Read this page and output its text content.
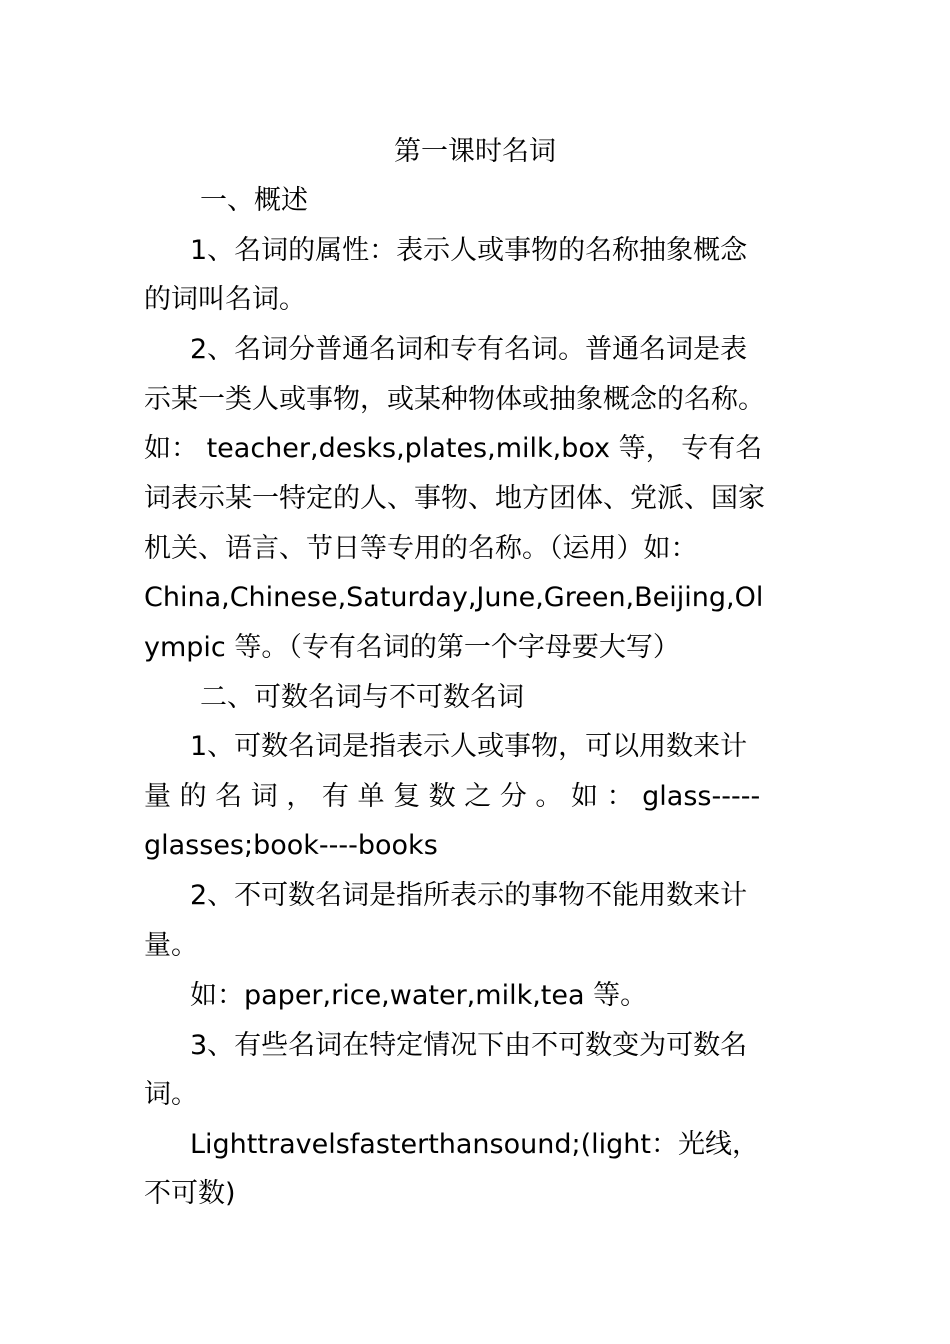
第一课时名词
一、概述
1、名词的属性：表示人或事物的名称抽象概念
的词叫名词。
2、名词分普通名词和专有名词。普通名词是表
示某一类人或事物，或某种物体或抽象概念的名称。
如： teacher,desks,plates,milk,box 等， 专有名
词表示某一特定的人、事物、地方团体、党派、国家
机关、语言、节日等专用的名称。（运用）如：
China,Chinese,Saturday,June,Green,Beijing,Ol
ympic 等。（专有名词的第一个字母要大写）
二、可数名词与不可数名词
1、可数名词是指表示人或事物，可以用数来计
量 的 名 词 ， 有 单 复 数 之 分 。 如 ： glass-----
glasses;book----books
2、不可数名词是指所表示的事物不能用数来计
量。
如：paper,rice,water,milk,tea 等。
3、有些名词在特定情况下由不可数变为可数名
词。
Lighttravelsfasterthansound;(light：光线，
不可数)
